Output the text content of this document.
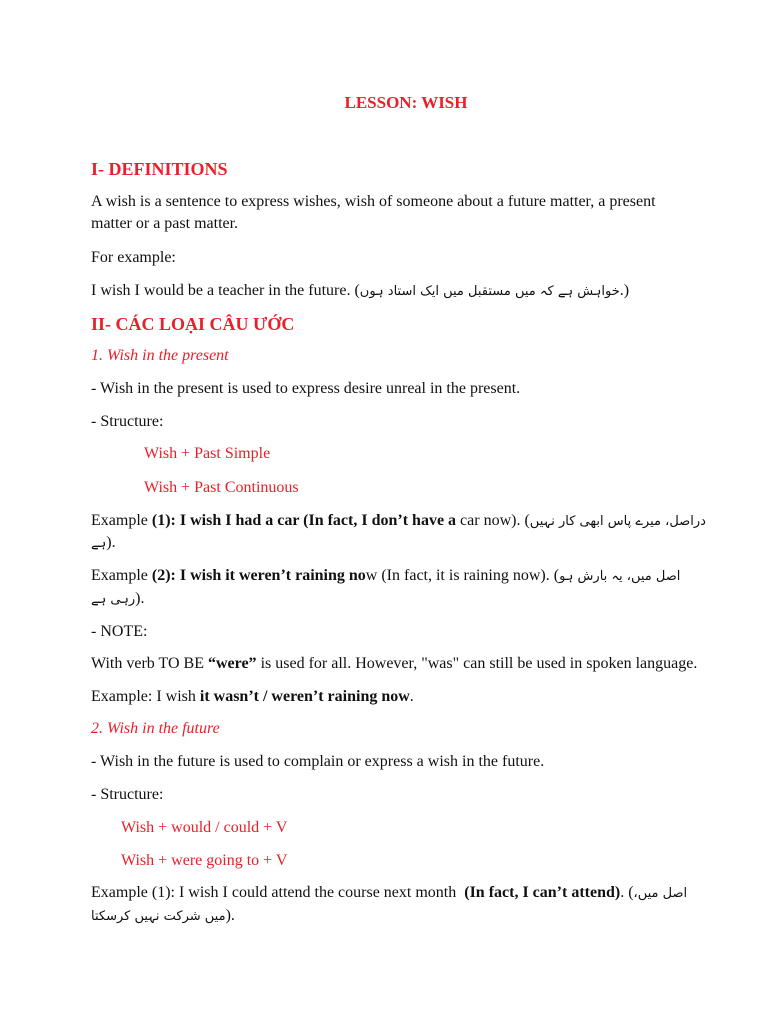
LESSON: WISH
I- DEFINITIONS
A wish is a sentence to express wishes, wish of someone about a future matter, a present
matter or a past matter.
For example:
I wish I would be a teacher in the future. (خواہش ہے کہ میں مستقبل میں ایک استاد ہوں.)
II- CÁC LOẠI CÂU ƯỚC
1. Wish in the present
- Wish in the present is used to express desire unreal in the present.
- Structure:
Wish + Past Simple
Wish + Past Continuous
Example (1): I wish I had a car (In fact, I don’t have a car now). (دراصل، میرے پاس ابھی کار نہیں
ہے).
Example (2): I wish it weren’t raining now (In fact, it is raining now). (اصل میں، یہ بارش ہو
رہی ہے).
- NOTE:
With verb TO BE “were” is used for all. However, "was" can still be used in spoken language.
Example: I wish it wasn’t / weren’t raining now.
2. Wish in the future
- Wish in the future is used to complain or express a wish in the future.
- Structure:
Wish + would / could + V
Wish + were going to + V
Example (1): I wish I could attend the course next month  (In fact, I can’t attend). (اصل میں،
میں شرکت نہیں کرسکتا).
